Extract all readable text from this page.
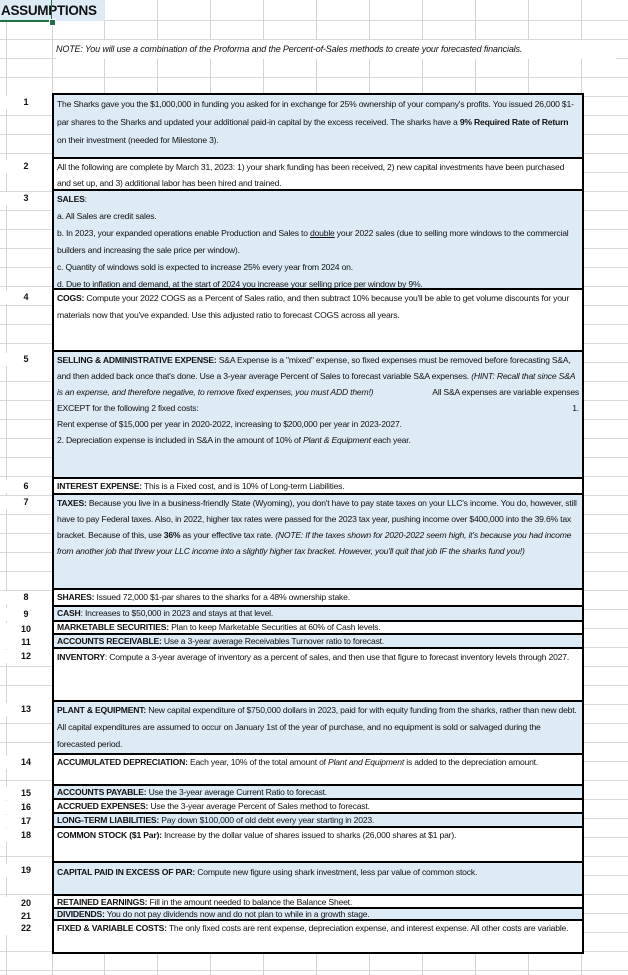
ASSUMPTIONS
NOTE: You will use a combination of the Proforma and the Percent-of-Sales methods to create your forecasted financials.
1	The Sharks gave you the $1,000,000 in funding you asked for in exchange for 25% ownership of your company's profits. You issued 26,000 $1-par shares to the Sharks and updated your additional paid-in capital by the excess received. The sharks have a 9% Required Rate of Return on their investment (needed for Milestone 3).
2	All the following are complete by March 31, 2023: 1) your shark funding has been received, 2) new capital investments have been purchased and set up, and 3) additional labor has been hired and trained.
3	SALES:
a. All Sales are credit sales.
b. In 2023, your expanded operations enable Production and Sales to double your 2022 sales (due to selling more windows to the commercial builders and increasing the sale price per window).
c. Quantity of windows sold is expected to increase 25% every year from 2024 on.
d. Due to inflation and demand, at the start of 2024 you increase your selling price per window by 9%.
4	COGS: Compute your 2022 COGS as a Percent of Sales ratio, and then subtract 10% because you'll be able to get volume discounts for your materials now that you've expanded. Use this adjusted ratio to forecast COGS across all years.
5	SELLING & ADMINISTRATIVE EXPENSE: S&A Expense is a "mixed" expense, so fixed expenses must be removed before forecasting S&A, and then added back once that's done. Use a 3-year average Percent of Sales to forecast variable S&A expenses. (HINT: Recall that since S&A is an expense, and therefore negative, to remove fixed expenses, you must ADD them!)	All S&A expenses are variable expenses

1.
EXCEPT for the following 2 fixed costs:
Rent expense of $15,000 per year in 2020-2022, increasing to $200,000 per year in 2023-2027.
2. Depreciation expense is included in S&A in the amount of 10% of Plant & Equipment each year.
6	INTEREST EXPENSE: This is a Fixed cost, and is 10% of Long-term Liabilities.
7	TAXES: Because you live in a business-friendly State (Wyoming), you don't have to pay state taxes on your LLC's income. You do, however, still have to pay Federal taxes. Also, in 2022, higher tax rates were passed for the 2023 tax year, pushing income over $400,000 into the 39.6% tax bracket. Because of this, use 36% as your effective tax rate. (NOTE: If the taxes shown for 2020-2022 seem high, it's because you had income from another job that threw your LLC income into a slightly higher tax bracket. However, you'll quit that job IF the sharks fund you!)
8	SHARES: Issued 72,000 $1-par shares to the sharks for a 48% ownership stake.
9	CASH: Increases to $50,000 in 2023 and stays at that level.
10	MARKETABLE SECURITIES: Plan to keep Marketable Securities at 60% of Cash levels.
11	ACCOUNTS RECEIVABLE: Use a 3-year average Receivables Turnover ratio to forecast.
12	INVENTORY: Compute a 3-year average of inventory as a percent of sales, and then use that figure to forecast inventory levels through 2027.
13	PLANT & EQUIPMENT: New capital expenditure of $750,000 dollars in 2023, paid for with equity funding from the sharks, rather than new debt. All capital expenditures are assumed to occur on January 1st of the year of purchase, and no equipment is sold or salvaged during the forecasted period.
14	ACCUMULATED DEPRECIATION: Each year, 10% of the total amount of Plant and Equipment is added to the depreciation amount.
15	ACCOUNTS PAYABLE: Use the 3-year average Current Ratio to forecast.
16	ACCRUED EXPENSES: Use the 3-year average Percent of Sales method to forecast.
17	LONG-TERM LIABILITIES: Pay down $100,000 of old debt every year starting in 2023.
18	COMMON STOCK ($1 Par): Increase by the dollar value of shares issued to sharks (26,000 shares at $1 par).
19	CAPITAL PAID IN EXCESS OF PAR: Compute new figure using shark investment, less par value of common stock.
20	RETAINED EARNINGS: Fill in the amount needed to balance the Balance Sheet.
21	DIVIDENDS: You do not pay dividends now and do not plan to while in a growth stage.
22	FIXED & VARIABLE COSTS: The only fixed costs are rent expense, depreciation expense, and interest expense. All other costs are variable.
